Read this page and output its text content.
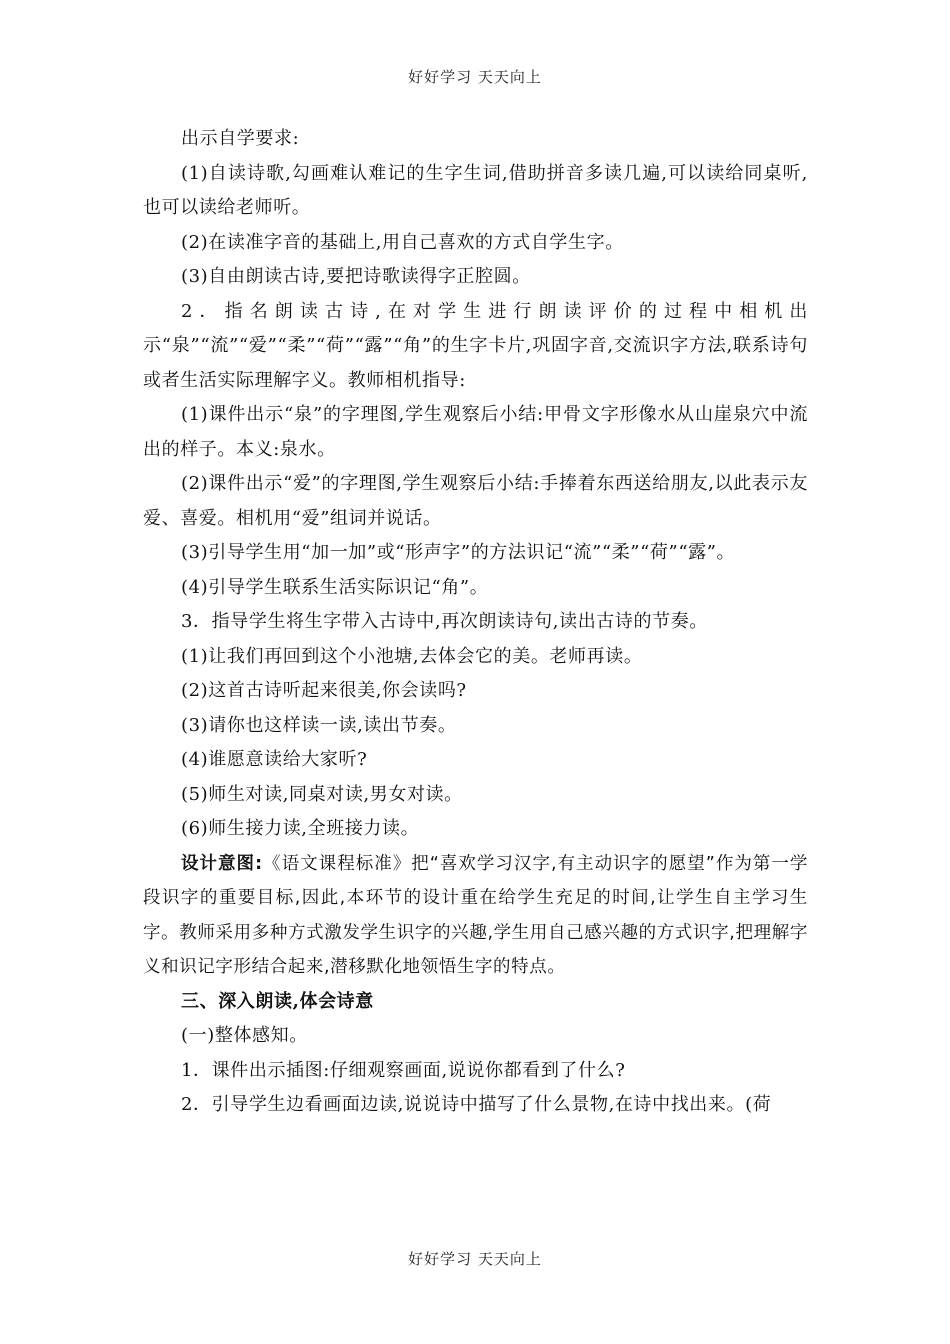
好好学习 天天向上

出示自学要求:

(1)自读诗歌,勾画难认难记的生字生词,借助拼音多读几遍,可以读给同桌听,也可以读给老师听。

(2)在读准字音的基础上,用自己喜欢的方式自学生字。

(3)自由朗读古诗,要把诗歌读得字正腔圆。

2．指名朗读古诗,在对学生进行朗读评价的过程中相机出示“泉”“流”“爱”“柔”“荷”“露”“角”的生字卡片,巩固字音,交流识字方法,联系诗句或者生活实际理解字义。教师相机指导:

(1)课件出示“泉”的字理图,学生观察后小结:甲骨文字形像水从山崖泉穴中流出的样子。本义:泉水。

(2)课件出示“爱”的字理图,学生观察后小结:手捧着东西送给朋友,以此表示友爱、喜爱。相机用“爱”组词并说话。

(3)引导学生用“加一加”或“形声字”的方法识记“流”“柔”“荷”“露”。

(4)引导学生联系生活实际识记“角”。

3．指导学生将生字带入古诗中,再次朗读诗句,读出古诗的节奏。

(1)让我们再回到这个小池塘,去体会它的美。老师再读。

(2)这首古诗听起来很美,你会读吗?

(3)请你也这样读一读,读出节奏。

(4)谁愿意读给大家听?

(5)师生对读,同桌对读,男女对读。

(6)师生接力读,全班接力读。

设计意图:《语文课程标准》把“喜欢学习汉字,有主动识字的愿望”作为第一学段识字的重要目标,因此,本环节的设计重在给学生充足的时间,让学生自主学习生字。教师采用多种方式激发学生识字的兴趣,学生用自己感兴趣的方式识字,把理解字义和识记字形结合起来,潜移默化地领悟生字的特点。

三、深入朗读,体会诗意

(一)整体感知。

1．课件出示插图:仔细观察画面,说说你都看到了什么?

2．引导学生边看画面边读,说说诗中描写了什么景物,在诗中找出来。(荷

好好学习 天天向上
